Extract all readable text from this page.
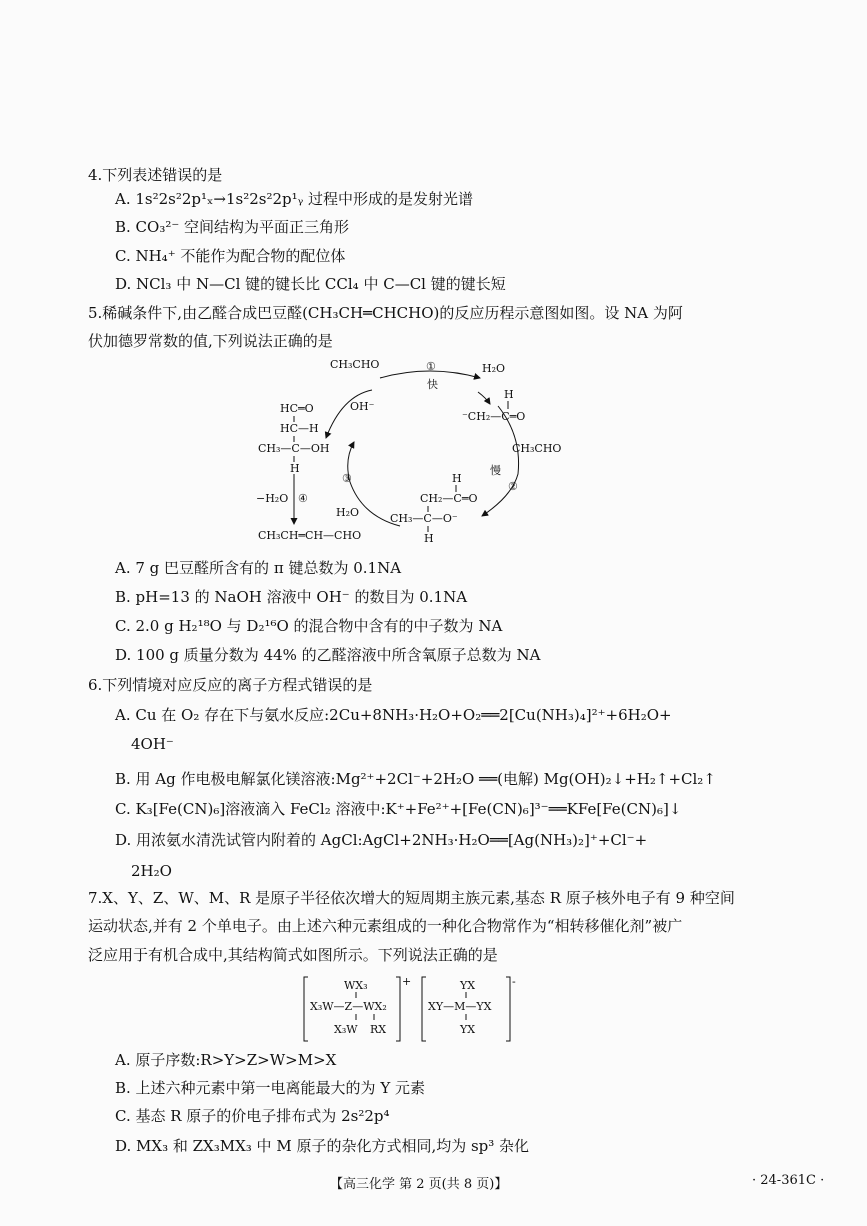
4.下列表述错误的是
A. 1s²2s²2p¹ₓ→1s²2s²2p¹ᵧ 过程中形成的是发射光谱
B. CO₃²⁻ 空间结构为平面正三角形
C. NH₄⁺ 不能作为配合物的配位体
D. NCl₃ 中 N—Cl 键的键长比 CCl₄ 中 C—Cl 键的键长短
5.稀碱条件下,由乙醛合成巴豆醛(CH₃CH═CHCHO)的反应历程示意图如图。设 NA 为阿
伏加德罗常数的值,下列说法正确的是
CH₃CHO	H₂O
①
快
OH⁻
H
⁻CH₂—C═O
CH₃CHO
慢
②
HC═O
HC—H
CH₃—C—OH
H
③
−H₂O ④
H₂O
H
CH₂—C═O
CH₃—C—O⁻
H
CH₃CH═CH—CHO
A. 7 g 巴豆醛所含有的 π 键总数为 0.1NA
B. pH=13 的 NaOH 溶液中 OH⁻ 的数目为 0.1NA
C. 2.0 g H₂¹⁸O 与 D₂¹⁶O 的混合物中含有的中子数为 NA
D. 100 g 质量分数为 44% 的乙醛溶液中所含氧原子总数为 NA
6.下列情境对应反应的离子方程式错误的是
A. Cu 在 O₂ 存在下与氨水反应:2Cu+8NH₃·H₂O+O₂══2[Cu(NH₃)₄]²⁺+6H₂O+
4OH⁻
B. 用 Ag 作电极电解氯化镁溶液:Mg²⁺+2Cl⁻+2H₂O ══(电解) Mg(OH)₂↓+H₂↑+Cl₂↑
C. K₃[Fe(CN)₆]溶液滴入 FeCl₂ 溶液中:K⁺+Fe²⁺+[Fe(CN)₆]³⁻══KFe[Fe(CN)₆]↓
D. 用浓氨水清洗试管内附着的 AgCl:AgCl+2NH₃·H₂O══[Ag(NH₃)₂]⁺+Cl⁻+
2H₂O
7.X、Y、Z、W、M、R 是原子半径依次增大的短周期主族元素,基态 R 原子核外电子有 9 种空间
运动状态,并有 2 个单电子。由上述六种元素组成的一种化合物常作为“相转移催化剂”被广
泛应用于有机合成中,其结构简式如图所示。下列说法正确的是
+
WX₃
X₃W—Z—WX₂
X₃W RX
-
YX
XY—M—YX
YX
A. 原子序数:R>Y>Z>W>M>X
B. 上述六种元素中第一电离能最大的为 Y 元素
C. 基态 R 原子的价电子排布式为 2s²2p⁴
D. MX₃ 和 ZX₃MX₃ 中 M 原子的杂化方式相同,均为 sp³ 杂化
【高三化学 第 2 页(共 8 页)】	· 24-361C ·
